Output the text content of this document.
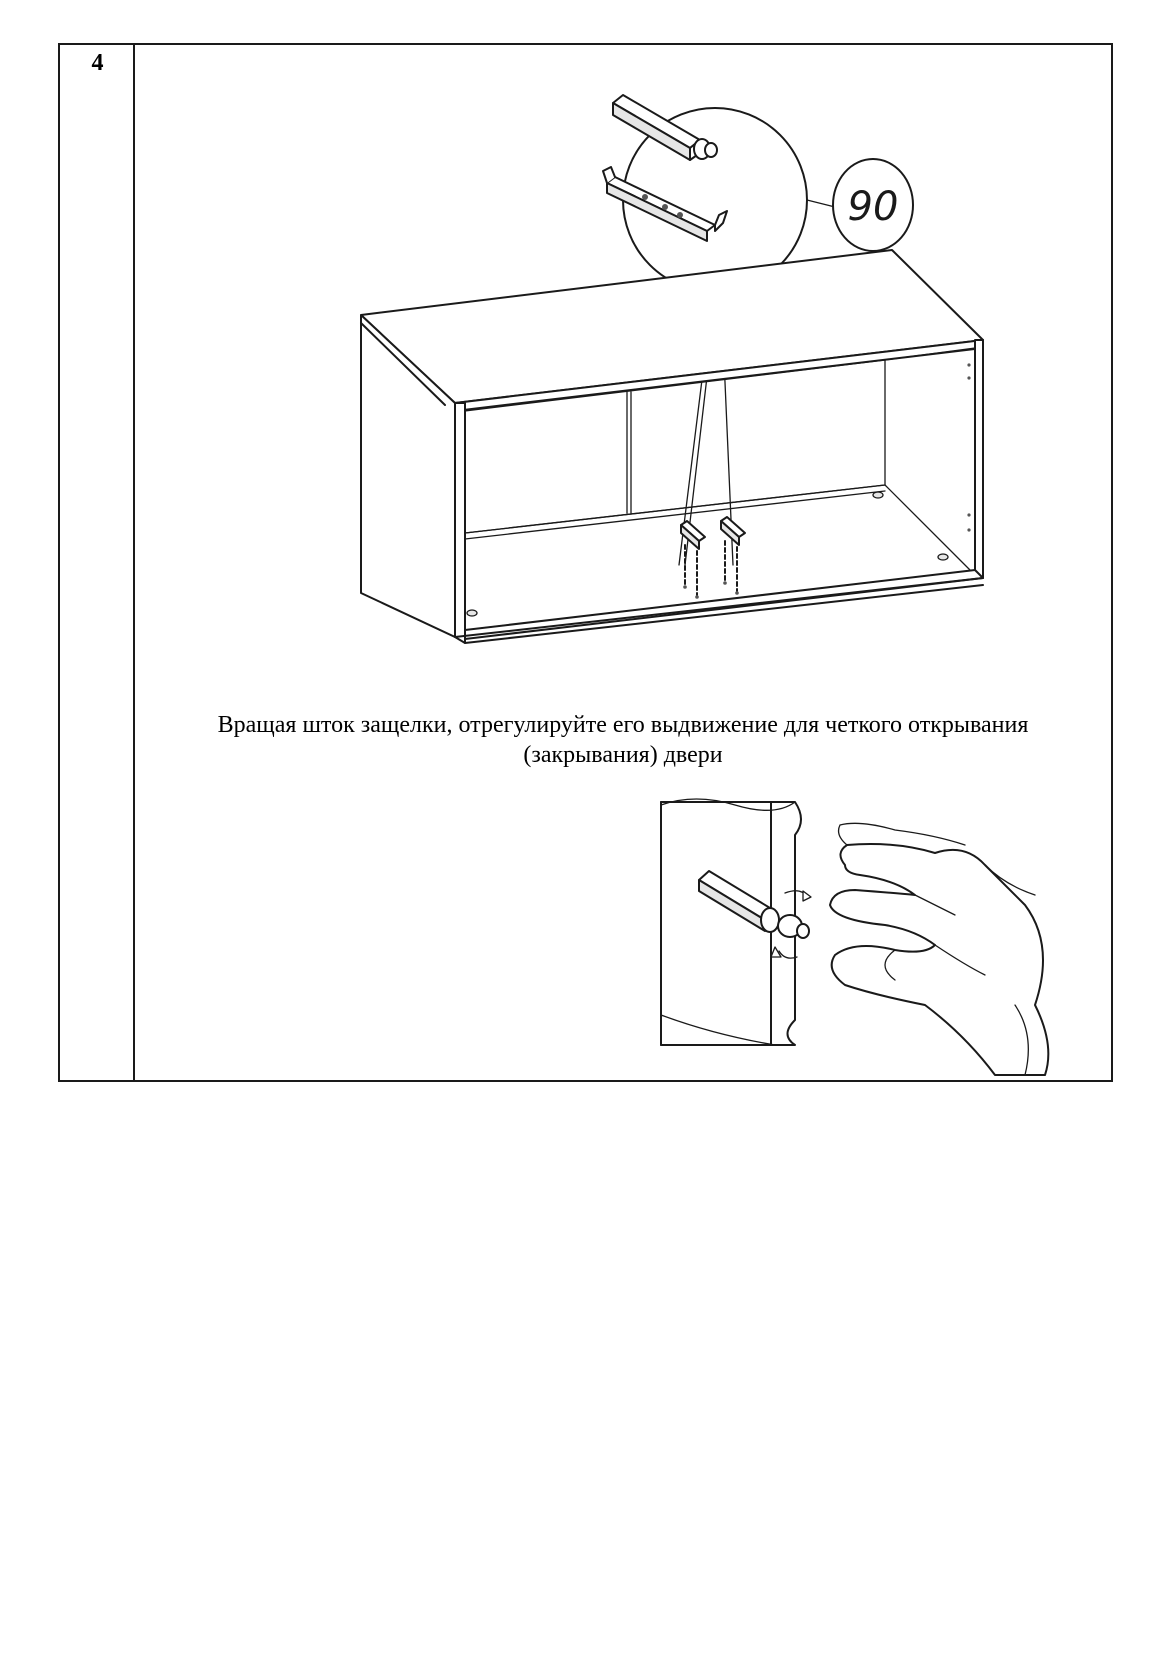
4
90
Вращая шток защелки, отрегулируйте его выдвижение для четкого открывания
(закрывания) двери
